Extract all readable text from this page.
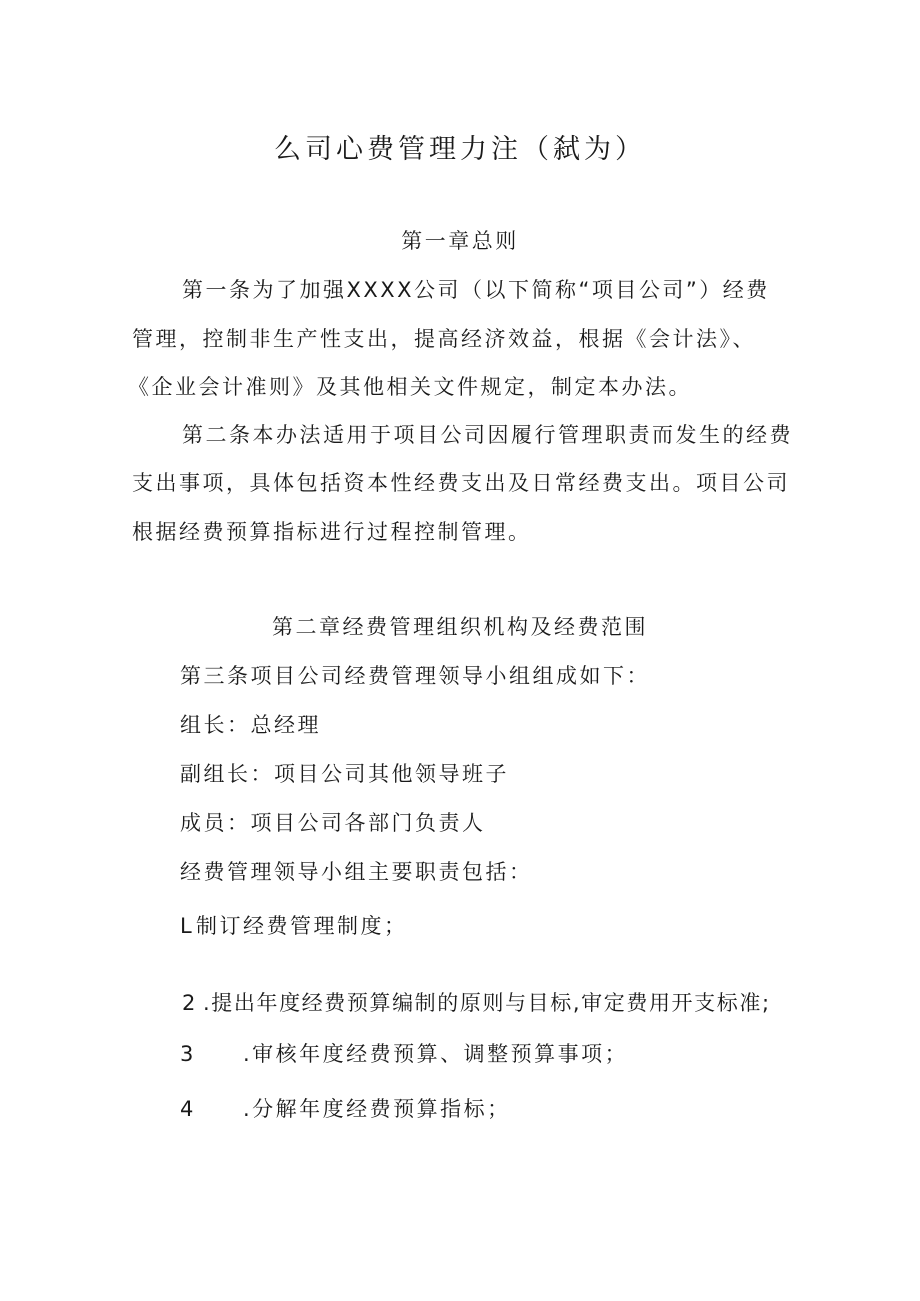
么司心费管理力注（弑为）
第一章总则

第一条为了加强XXXX公司（以下简称“项目公司”）经费

管理，控制非生产性支出，提高经济效益，根据《会计法》、

《企业会计准则》及其他相关文件规定，制定本办法。

第二条本办法适用于项目公司因履行管理职责而发生的经费

支出事项，具体包括资本性经费支出及日常经费支出。项目公司

根据经费预算指标进行过程控制管理。

第二章经费管理组织机构及经费范围

第三条项目公司经费管理领导小组组成如下：

组长：总经理

副组长：项目公司其他领导班子

成员：项目公司各部门负责人

经费管理领导小组主要职责包括：

L 制订经费管理制度；
2 .提出年度经费预算编制的原则与目标,审定费用开支标准;
3 .审核年度经费预算、调整预算事项；
4 .分解年度经费预算指标；
